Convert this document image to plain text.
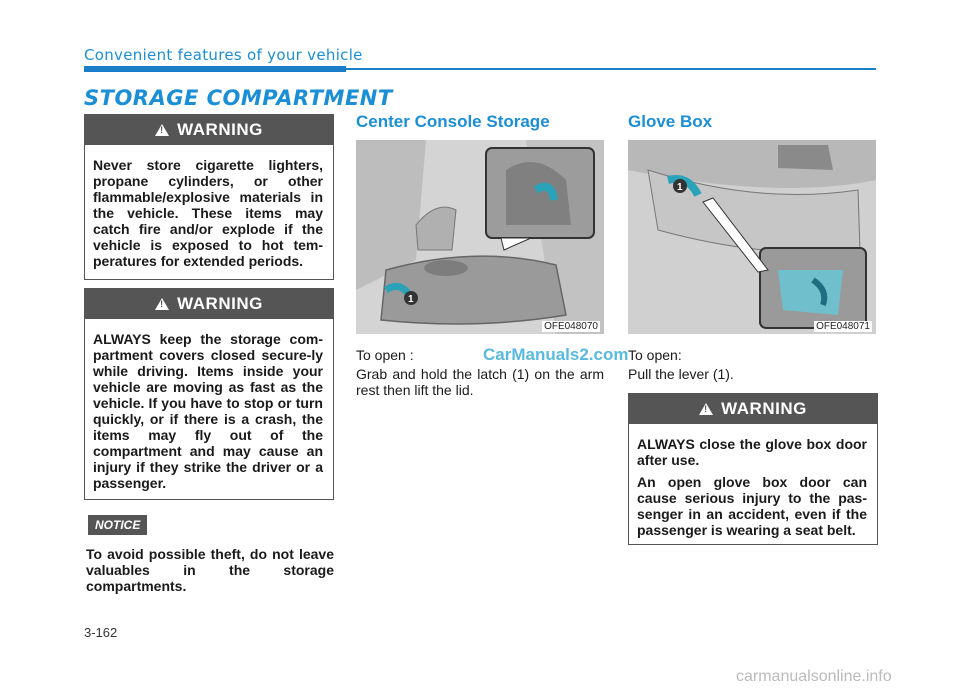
Convenient features of your vehicle
STORAGE COMPARTMENT
!
WARNING

Never store cigarette lighters, propane cylinders, or other flammable/explosive materials in the vehicle. These items may catch fire and/or explode if the vehicle is exposed to hot tem-peratures for extended periods.

!
WARNING

ALWAYS keep the storage com-partment covers closed secure-ly while driving. Items inside your vehicle are moving as fast as the vehicle. If you have to stop or turn quickly, or if there is a crash, the items may fly out of the compartment and may cause an injury if they strike the driver or a passenger.

NOTICE
To avoid possible theft, do not leave valuables in the storage compartments.
Center Console Storage
1
OFE048070
To open :
Grab and hold the latch (1) on the arm rest then lift the lid.
CarManuals2.com
Glove Box
1
OFE048071
To open:
Pull the lever (1).
!
WARNING

ALWAYS close the glove box door after use.

An open glove box door can cause serious injury to the pas-senger in an accident, even if the passenger is wearing a seat belt.

3-162
carmanualsonline.info
